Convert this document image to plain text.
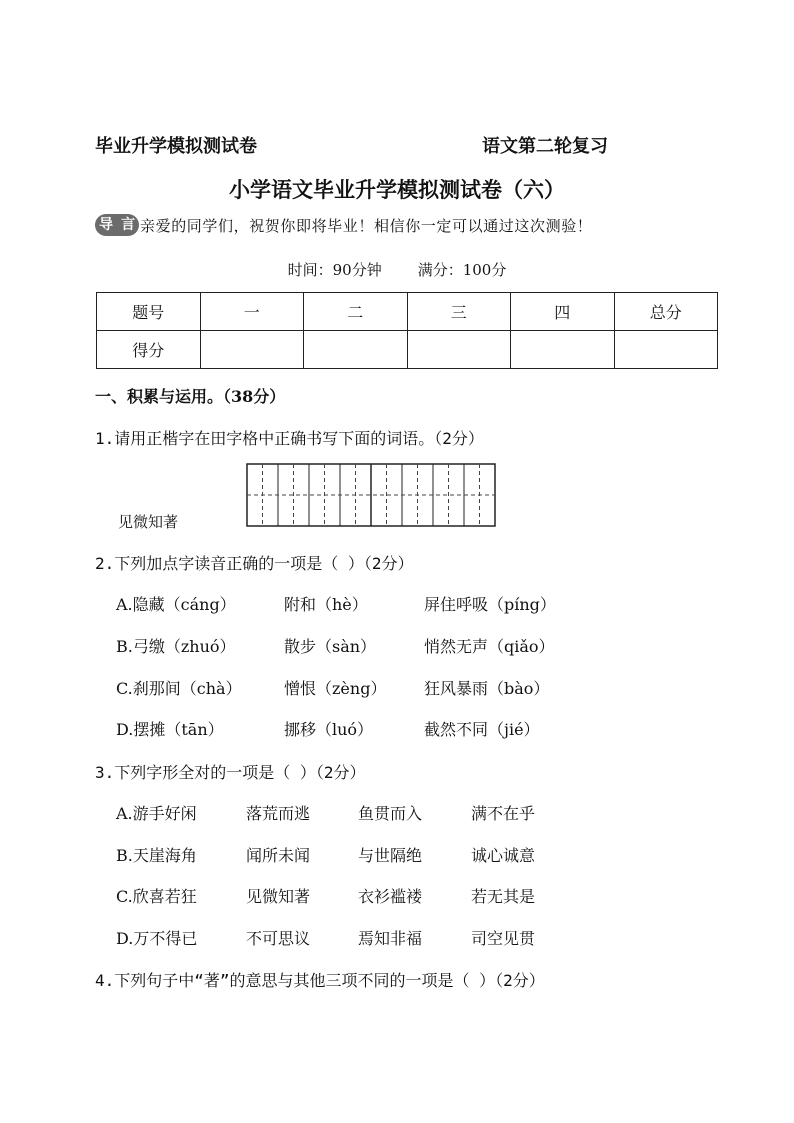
毕业升学模拟测试卷	语文第二轮复习
小学语文毕业升学模拟测试卷（六）
导 言 亲爱的同学们，祝贺你即将毕业！相信你一定可以通过这次测验！
时间：90分钟 满分：100分
题号	一	二	三	四	总分
得分					
一、积累与运用。（38分）
1.请用正楷字在田字格中正确书写下面的词语。（2分）
见微知著
2.下列加点字读音正确的一项是（ ）（2分）
A.隐藏（cáng）	附和（hè）	屏住呼吸（píng）
B.弓缴（zhuó）	散步（sàn）	悄然无声（qiǎo）
C.刹那间（chà）	憎恨（zèng） 狂风暴雨（bào）
D.摆摊（tān）	挪移（luó）	截然不同（jié）
3.下列字形全对的一项是（ ）（2分）
A.游手好闲	落荒而逃	鱼贯而入	满不在乎
B.天崖海角	闻所未闻	与世隔绝	诚心诚意
C.欣喜若狂	见微知著	衣衫褴褛	若无其是
D.万不得已	不可思议	焉知非福	司空见贯
4.下列句子中“著”的意思与其他三项不同的一项是（ ）（2分）
